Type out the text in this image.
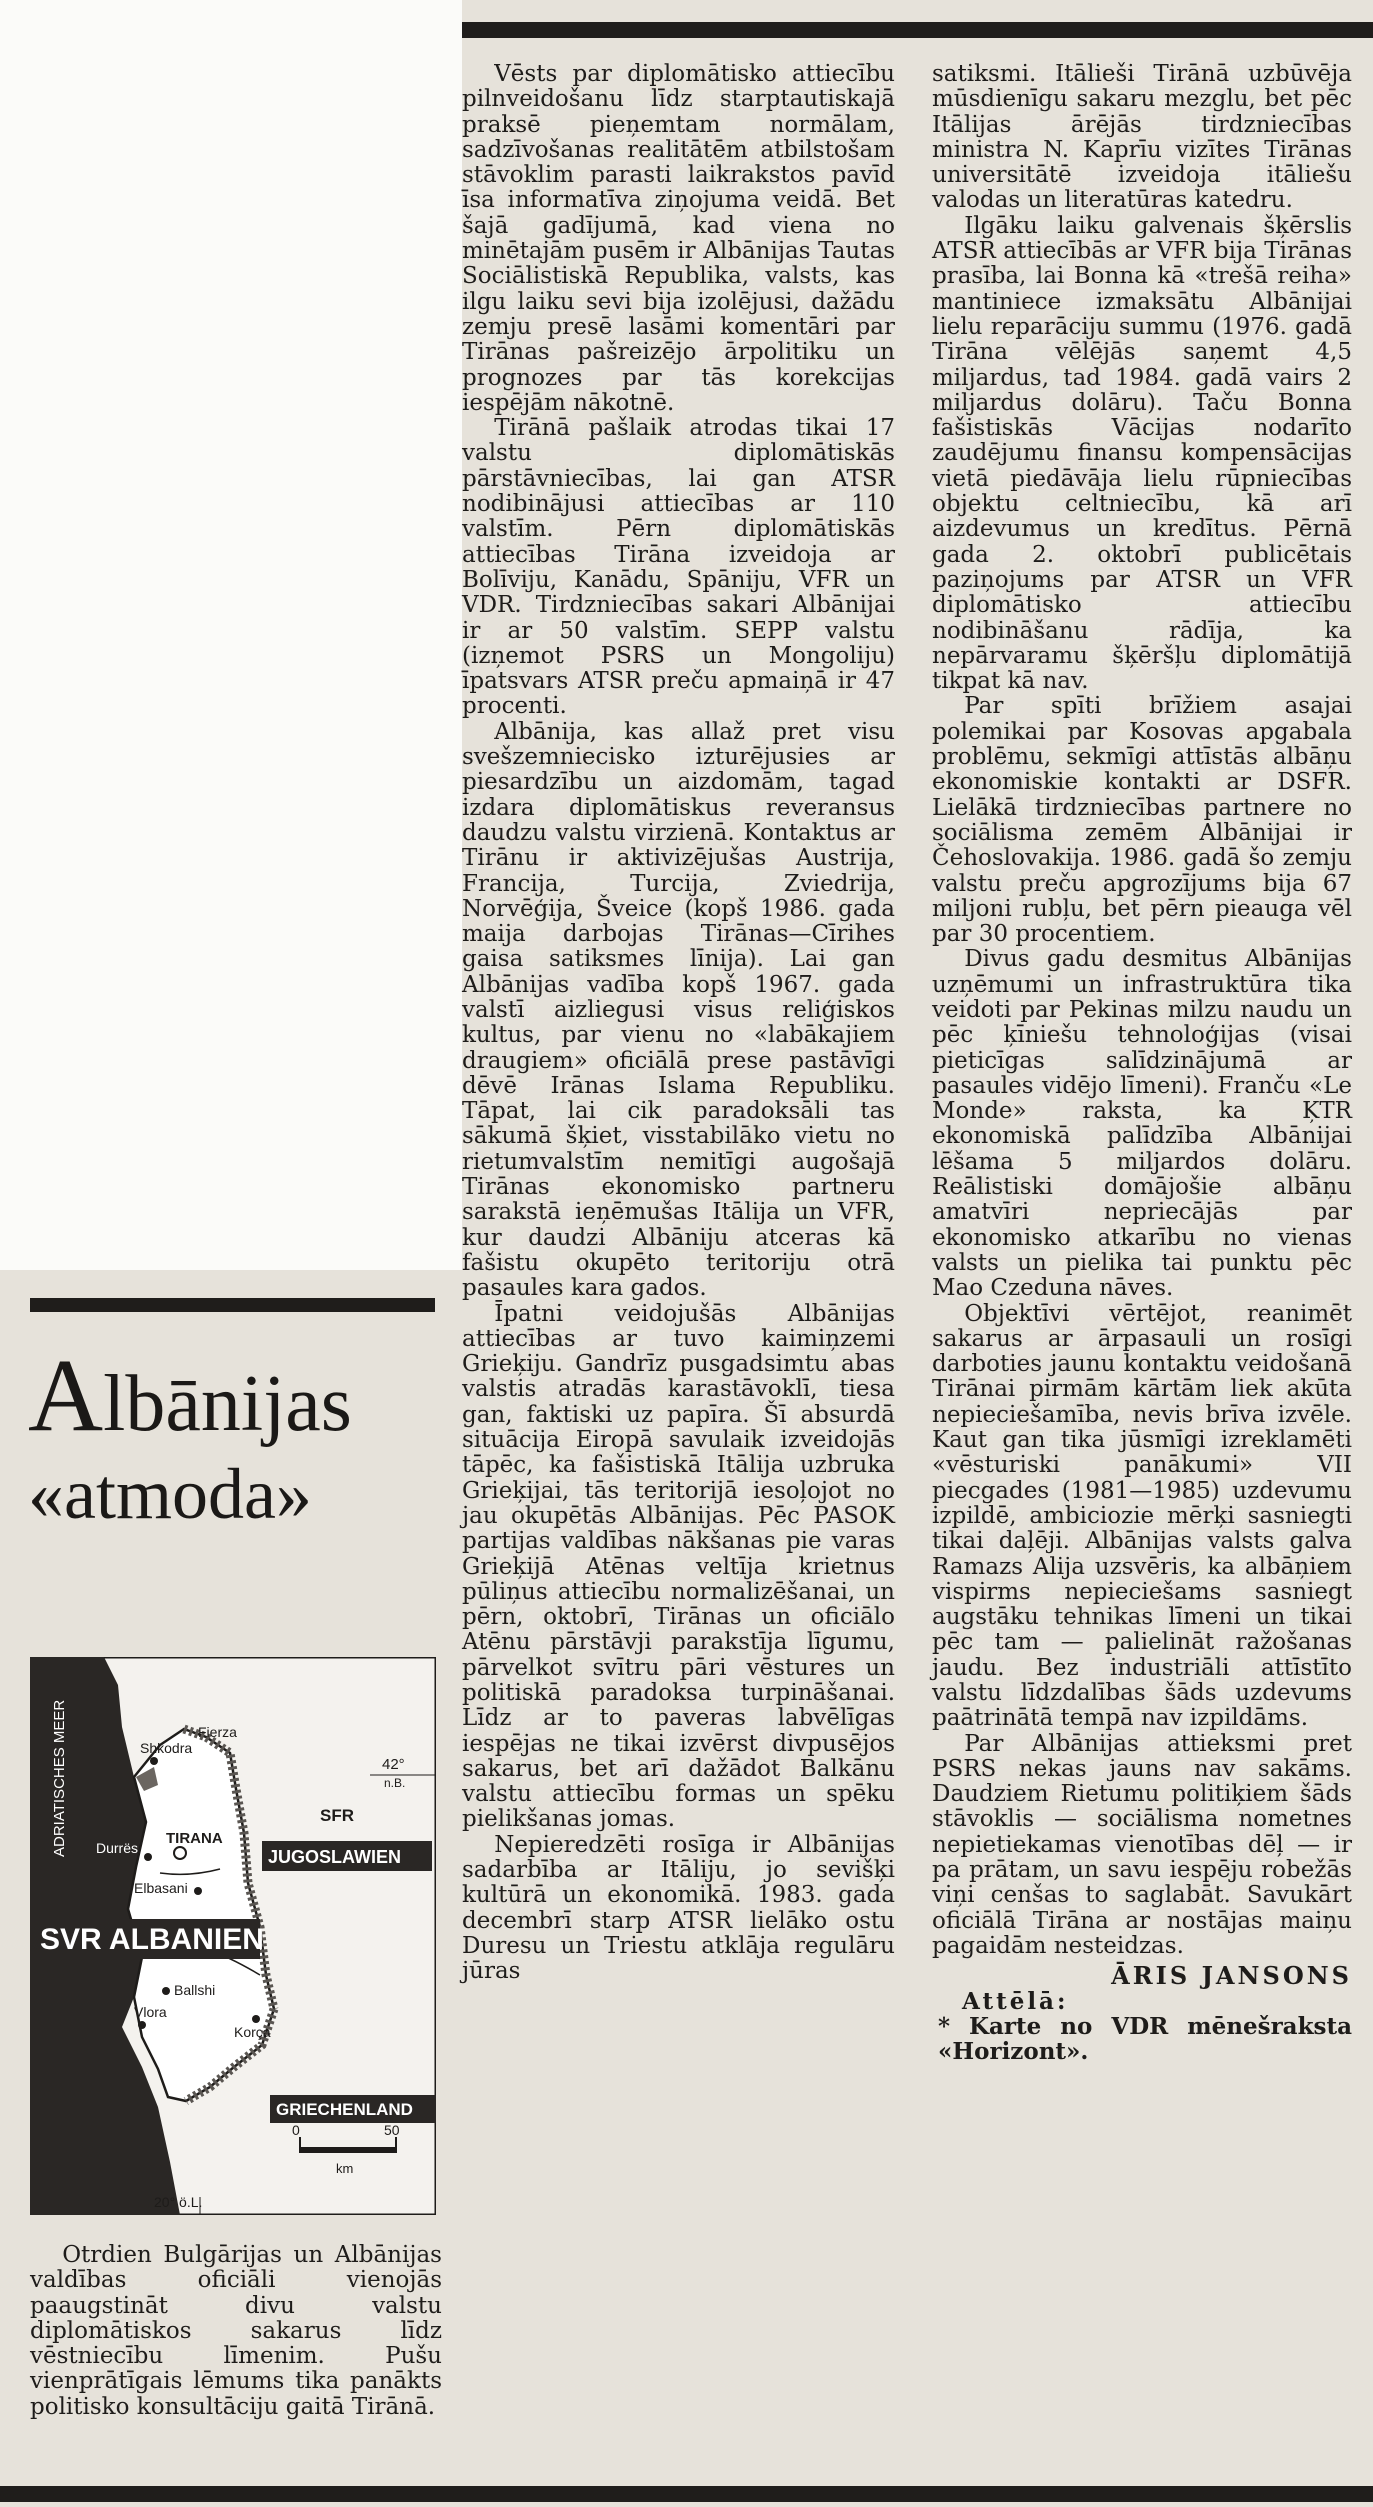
Albānijas
«atmoda»
SVR ALBANIEN
ADRIATISCHES MEER	SFR
JUGOSLAWIEN
GRIECHENLAND
Fierza
Shkodra
Durrës
TIRANA
Elbasani
Ballshi
Vlora
Korça
42°
n.B.
20° ö.L.
0	50
km

Otrdien Bulgārijas un Albānijas valdības oficiāli vienojās paaugstināt divu valstu diplomātiskos sakarus līdz vēstniecību līmenim. Pušu vienprātīgais lēmums tika panākts politisko konsultāciju gaitā Tirānā.

Vēsts par diplomātisko attiecību pilnveidošanu līdz starptautiskajā praksē pieņemtam normālam, sadzīvošanas realitātēm atbilstošam stāvoklim parasti laikrakstos pavīd īsa informatīva ziņojuma veidā. Bet šajā gadījumā, kad viena no minētajām pusēm ir Albānijas Tautas Sociālistiskā Republika, valsts, kas ilgu laiku sevi bija izolējusi, dažādu zemju presē lasāmi komentāri par Tirānas pašreizējo ārpolitiku un prognozes par tās korekcijas iespējām nākotnē.

Tirānā pašlaik atrodas tikai 17 valstu diplomātiskās pārstāvniecības, lai gan ATSR nodibinājusi attiecības ar 110 valstīm. Pērn diplomātiskās attiecības Tirāna izveidoja ar Bolīviju, Kanādu, Spāniju, VFR un VDR. Tirdzniecības sakari Albānijai ir ar 50 valstīm. SEPP valstu (izņemot PSRS un Mongoliju) īpatsvars ATSR preču apmaiņā ir 47 procenti.

Albānija, kas allaž pret visu svešzemniecisko izturējusies ar piesardzību un aizdomām, tagad izdara diplomātiskus reveransus daudzu valstu virzienā. Kontaktus ar Tirānu ir aktivizējušas Austrija, Francija, Turcija, Zviedrija, Norvēģija, Šveice (kopš 1986. gada maija darbojas Tirānas—Cīrihes gaisa satiksmes līnija). Lai gan Albānijas vadība kopš 1967. gada valstī aizliegusi visus reliģiskos kultus, par vienu no «labākajiem draugiem» oficiālā prese pastāvīgi dēvē Irānas Islama Republiku. Tāpat, lai cik paradoksāli tas sākumā šķiet, visstabilāko vietu no rietumvalstīm nemitīgi augošajā Tirānas ekonomisko partneru sarakstā ieņēmušas Itālija un VFR, kur daudzi Albāniju atceras kā fašistu okupēto teritoriju otrā pasaules kara gados.

Īpatni veidojušās Albānijas attiecības ar tuvo kaimiņzemi Grieķiju. Gandrīz pusgadsimtu abas valstis atradās karastāvoklī, tiesa gan, faktiski uz papīra. Šī absurdā situācija Eiropā savulaik izveidojās tāpēc, ka fašistiskā Itālija uzbruka Grieķijai, tās teritorijā iesoļojot no jau okupētās Albānijas. Pēc PASOK partijas valdības nākšanas pie varas Grieķijā Atēnas veltīja krietnus pūliņus attiecību normalizēšanai, un pērn, oktobrī, Tirānas un oficiālo Atēnu pārstāvji parakstīja līgumu, pārvelkot svītru pāri vēstures un politiskā paradoksa turpināšanai. Līdz ar to paveras labvēlīgas iespējas ne tikai izvērst divpusējos sakarus, bet arī dažādot Balkānu valstu attiecību formas un spēku pielikšanas jomas.

Nepieredzēti rosīga ir Albānijas sadarbība ar Itāliju, jo sevišķi kultūrā un ekonomikā. 1983. gada decembrī starp ATSR lielāko ostu Duresu un Triestu atklāja regulāru jūras

satiksmi. Itālieši Tirānā uzbūvēja mūsdienīgu sakaru mezglu, bet pēc Itālijas ārējās tirdzniecības ministra N. Kaprīu vizītes Tirānas universitātē izveidoja itāliešu valodas un literatūras katedru.

Ilgāku laiku galvenais šķērslis ATSR attiecībās ar VFR bija Tirānas prasība, lai Bonna kā «trešā reiha» mantiniece izmaksātu Albānijai lielu reparāciju summu (1976. gadā Tirāna vēlējās saņemt 4,5 miljardus, tad 1984. gadā vairs 2 miljardus dolāru). Taču Bonna fašistiskās Vācijas nodarīto zaudējumu finansu kompensācijas vietā piedāvāja lielu rūpniecības objektu celtniecību, kā arī aizdevumus un kredītus. Pērnā gada 2. oktobrī publicētais paziņojums par ATSR un VFR diplomātisko attiecību nodibināšanu rādīja, ka nepārvaramu šķēršļu diplomātijā tikpat kā nav.

Par spīti brīžiem asajai polemikai par Kosovas apgabala problēmu, sekmīgi attīstās albāņu ekonomiskie kontakti ar DSFR. Lielākā tirdzniecības partnere no sociālisma zemēm Albānijai ir Čehoslovakija. 1986. gadā šo zemju valstu preču apgrozījums bija 67 miljoni rubļu, bet pērn pieauga vēl par 30 procentiem.

Divus gadu desmitus Albānijas uzņēmumi un infrastruktūra tika veidoti par Pekinas milzu naudu un pēc ķīniešu tehnoloģijas (visai pieticīgas salīdzinājumā ar pasaules vidējo līmeni). Franču «Le Monde» raksta, ka ĶTR ekonomiskā palīdzība Albānijai lēšama 5 miljardos dolāru. Reālistiski domājošie albāņu amatvīri nepriecājās par ekonomisko atkarību no vienas valsts un pielika tai punktu pēc Mao Czeduna nāves.

Objektīvi vērtējot, reanimēt sakarus ar ārpasauli un rosīgi darboties jaunu kontaktu veidošanā Tirānai pirmām kārtām liek akūta nepieciešamība, nevis brīva izvēle. Kaut gan tika jūsmīgi izreklamēti «vēsturiski panākumi» VII piecgades (1981—1985) uzdevumu izpildē, ambiciozie mērķi sasniegti tikai daļēji. Albānijas valsts galva Ramazs Alija uzsvēris, ka albāņiem vispirms nepieciešams sasniegt augstāku tehnikas līmeni un tikai pēc tam — palielināt ražošanas jaudu. Bez industriāli attīstīto valstu līdzdalības šāds uzdevums paātrinātā tempā nav izpildāms.

Par Albānijas attieksmi pret PSRS nekas jauns nav sakāms. Daudziem Rietumu politiķiem šāds stāvoklis — sociālisma nometnes nepietiekamas vienotības dēļ — ir pa prātam, un savu iespēju robežās viņi cenšas to saglabāt. Savukārt oficiālā Tirāna ar nostājas maiņu pagaidām nesteidzas.

ĀRIS JANSONS
Attēlā:
* Karte no VDR mēnešraksta «Horizont».
